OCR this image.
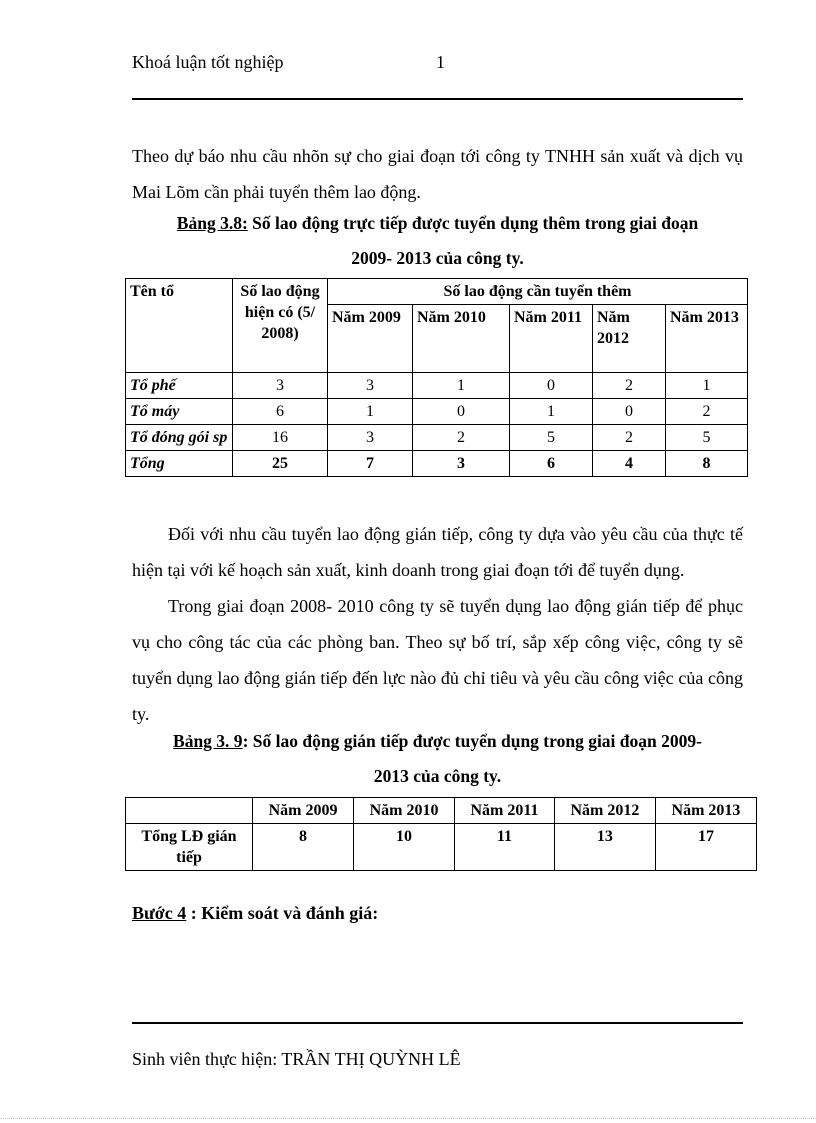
Khoá luận tốt nghiệp	1

Theo dự báo nhu cầu nhõn sự cho giai đoạn tới công ty TNHH sản xuất và dịch vụ Mai Lõm cần phải tuyển thêm lao động.

Bảng 3.8: Số lao động trực tiếp được tuyển dụng thêm trong giai đoạn
2009- 2013 của công ty.
Tên tổ	Số lao động hiện có (5/ 2008)	Số lao động cần tuyển thêm				
		Năm 2009	Năm 2010	Năm 2011	Năm 2012	Năm 2013
Tổ phế	3	3	1	0	2	1
Tổ máy	6	1	0	1	0	2
Tổ đóng gói sp	16	3	2	5	2	5
Tổng	25	7	3	6	4	8

Đối với nhu cầu tuyển lao động gián tiếp, công ty dựa vào yêu cầu của thực tế hiện tại với kế hoạch sản xuất, kinh doanh trong giai đoạn tới để tuyển dụng.

Trong giai đoạn 2008- 2010 công ty sẽ tuyển dụng lao động gián tiếp để phục vụ cho công tác của các phòng ban. Theo sự bố trí, sắp xếp công việc, công ty sẽ tuyển dụng lao động gián tiếp đến lực nào đủ chỉ tiêu và yêu cầu công việc của công ty.

Bảng 3. 9: Số lao động gián tiếp được tuyển dụng trong giai đoạn 2009-
2013 của công ty.
	Năm 2009	Năm 2010	Năm 2011	Năm 2012	Năm 2013
Tổng LĐ gián tiếp	8	10	11	13	17
Bước 4 : Kiểm soát và đánh giá:
Sinh viên thực hiện: TRẦN THỊ QUỲNH LÊ
